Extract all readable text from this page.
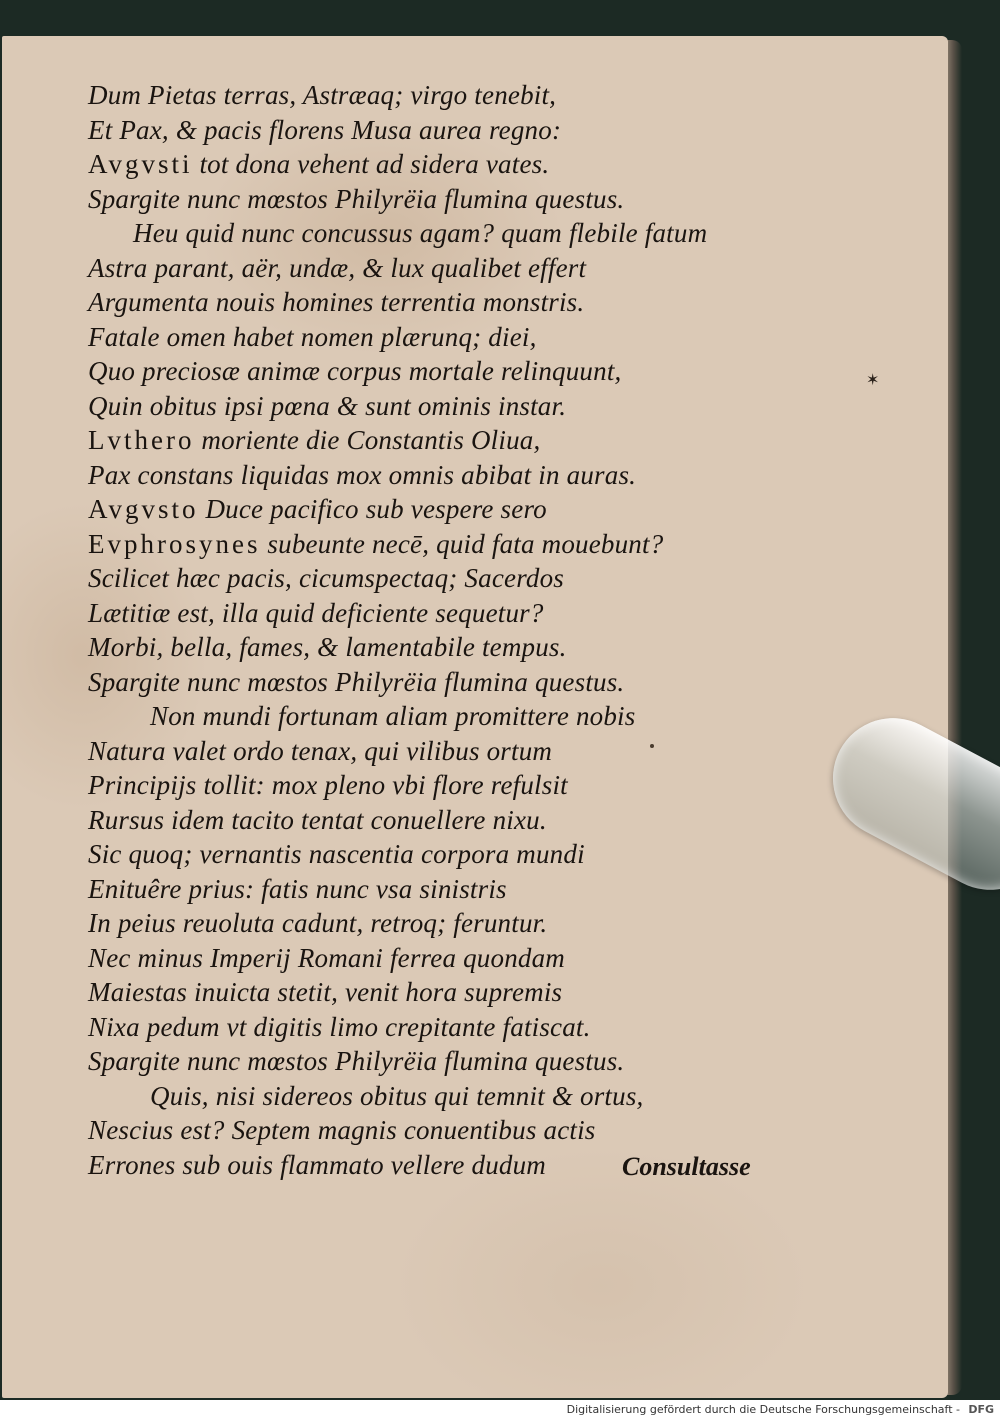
Dum Pietas terras, Astræaq; virgo tenebit,
Et Pax, & pacis florens Musa aurea regno:
Avgvsti tot dona vehent ad sidera vates.
Spargite nunc mœstos Philyrëia flumina questus.
Heu quid nunc concussus agam? quam flebile fatum
Astra parant, aër, undæ, & lux qualibet effert
Argumenta nouis homines terrentia monstris.
Fatale omen habet nomen plærunq; diei,
Quo preciosæ animæ corpus mortale relinquunt,
Quin obitus ipsi pœna & sunt ominis instar.
Lvthero moriente die Constantis Oliua,
Pax constans liquidas mox omnis abibat in auras.
Avgvsto Duce pacifico sub vespere sero
Evphrosynes subeunte necē, quid fata mouebunt?
Scilicet hæc pacis, cicumspectaq; Sacerdos
Lætitiæ est, illa quid deficiente sequetur?
Morbi, bella, fames, & lamentabile tempus.
Spargite nunc mœstos Philyrëia flumina questus.
Non mundi fortunam aliam promittere nobis
Natura valet ordo tenax, qui vilibus ortum
Principijs tollit: mox pleno vbi flore refulsit
Rursus idem tacito tentat conuellere nixu.
Sic quoq; vernantis nascentia corpora mundi
Enituêre prius: fatis nunc vsa sinistris
In peius reuoluta cadunt, retroq; feruntur.
Nec minus Imperij Romani ferrea quondam
Maiestas inuicta stetit, venit hora supremis
Nixa pedum vt digitis limo crepitante fatiscat.
Spargite nunc mœstos Philyrëia flumina questus.
Quis, nisi sidereos obitus qui temnit & ortus,
Nescius est? Septem magnis conuentibus actis
Errones sub ouis flammato vellere dudum
✶
Consultasse
Digitalisierung gefördert durch die Deutsche Forschungsgemeinschaft - DFG
